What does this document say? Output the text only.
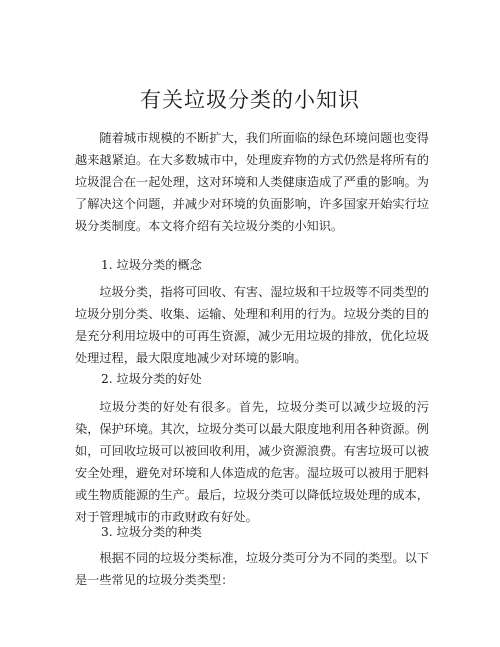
有关垃圾分类的小知识

随着城市规模的不断扩大，我们所面临的绿色环境问题也变得越来越紧迫。在大多数城市中，处理废弃物的方式仍然是将所有的垃圾混合在一起处理，这对环境和人类健康造成了严重的影响。为了解决这个问题，并减少对环境的负面影响，许多国家开始实行垃圾分类制度。本文将介绍有关垃圾分类的小知识。

1. 垃圾分类的概念

垃圾分类，指将可回收、有害、湿垃圾和干垃圾等不同类型的垃圾分别分类、收集、运输、处理和利用的行为。垃圾分类的目的是充分利用垃圾中的可再生资源，减少无用垃圾的排放，优化垃圾处理过程，最大限度地减少对环境的影响。

2. 垃圾分类的好处

垃圾分类的好处有很多。首先，垃圾分类可以减少垃圾的污染，保护环境。其次，垃圾分类可以最大限度地利用各种资源。例如，可回收垃圾可以被回收利用，减少资源浪费。有害垃圾可以被安全处理，避免对环境和人体造成的危害。湿垃圾可以被用于肥料或生物质能源的生产。最后，垃圾分类可以降低垃圾处理的成本，对于管理城市的市政财政有好处。

3. 垃圾分类的种类

根据不同的垃圾分类标准，垃圾分类可分为不同的类型。以下是一些常见的垃圾分类类型：
